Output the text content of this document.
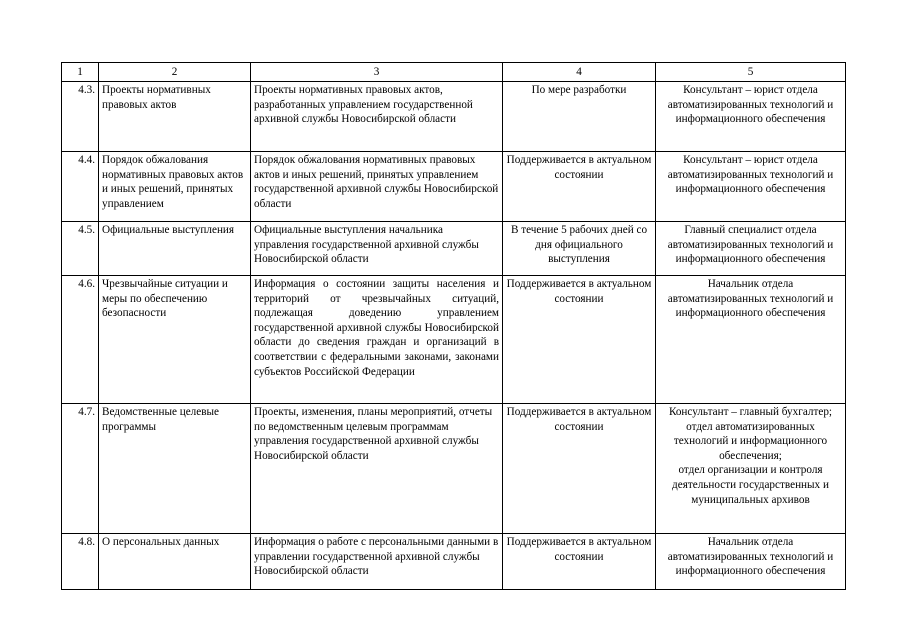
1	2	3	4	5
4.3.	Проекты нормативных правовых актов	Проекты нормативных правовых актов, разработанных управлением государственной архивной службы Новосибирской области	По мере разработки	Консультант – юрист отдела автоматизированных технологий и информационного обеспечения
4.4.	Порядок обжалования нормативных правовых актов и иных решений, принятых управлением	Порядок обжалования нормативных правовых актов и иных решений, принятых управлением государственной архивной службы Новосибирской области	Поддерживается в актуальном состоянии	Консультант – юрист отдела автоматизированных технологий и информационного обеспечения
4.5.	Официальные выступления	Официальные выступления начальника управления государственной архивной службы Новосибирской области	В течение 5 рабочих дней со дня официального выступления	Главный специалист отдела автоматизированных технологий и информационного обеспечения
4.6.	Чрезвычайные ситуации и меры по обеспечению безопасности	Информация о состоянии защиты населения и территорий от чрезвычайных ситуаций, подлежащая доведению управлением государственной архивной службы Новосибирской области до сведения граждан и организаций в соответствии с федеральными законами, законами субъектов Российской Федерации	Поддерживается в актуальном состоянии	Начальник отдела автоматизированных технологий и информационного обеспечения
4.7.	Ведомственные целевые программы	Проекты, изменения, планы мероприятий, отчеты по ведомственным целевым программам управления государственной архивной службы Новосибирской области	Поддерживается в актуальном состоянии	Консультант – главный бухгалтер;
отдел автоматизированных технологий и информационного обеспечения;
отдел организации и контроля деятельности государственных и муниципальных архивов

4.8.	О персональных данных	Информация о работе с персональными данными в управлении государственной архивной службы Новосибирской области	Поддерживается в актуальном состоянии	Начальник отдела автоматизированных технологий и информационного обеспечения
